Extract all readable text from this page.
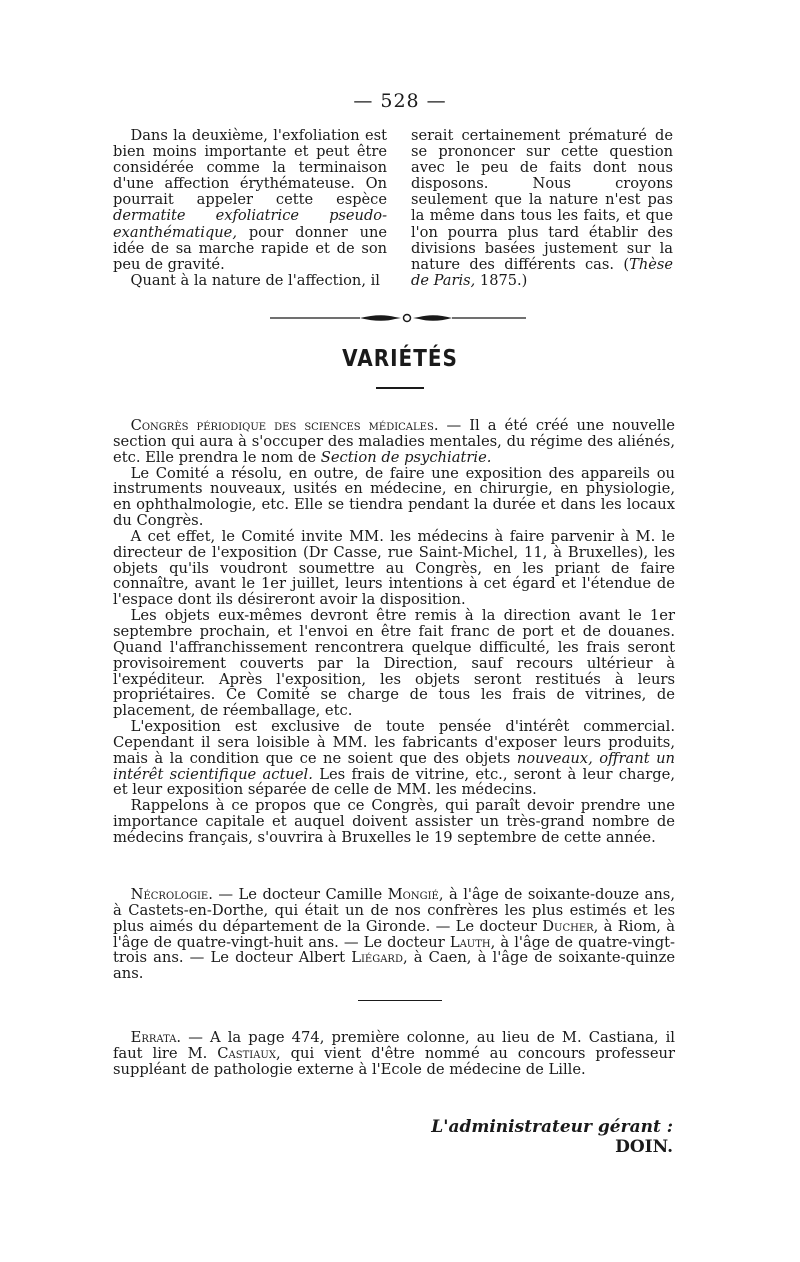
— 528 —

Dans la deuxième, l'exfoliation est bien moins importante et peut être considérée comme la terminaison d'une affection érythémateuse. On pourrait appeler cette espèce dermatite exfoliatrice pseudo-exanthématique, pour donner une idée de sa marche rapide et de son peu de gravité.

Quant à la nature de l'affection, il

serait certainement prématuré de se prononcer sur cette question avec le peu de faits dont nous disposons. Nous croyons seulement que la nature n'est pas la même dans tous les faits, et que l'on pourra plus tard établir des divisions basées justement sur la nature des différents cas. (Thèse de Paris, 1875.)

VARIÉTÉS

Congrès périodique des sciences médicales. — Il a été créé une nouvelle section qui aura à s'occuper des maladies mentales, du régime des aliénés, etc. Elle prendra le nom de Section de psychiatrie.

Le Comité a résolu, en outre, de faire une exposition des appareils ou instruments nouveaux, usités en médecine, en chirurgie, en physiologie, en ophthalmologie, etc. Elle se tiendra pendant la durée et dans les locaux du Congrès.

A cet effet, le Comité invite MM. les médecins à faire parvenir à M. le directeur de l'exposition (Dr Casse, rue Saint-Michel, 11, à Bruxelles), les objets qu'ils voudront soumettre au Congrès, en les priant de faire connaître, avant le 1er juillet, leurs intentions à cet égard et l'étendue de l'espace dont ils désireront avoir la disposition.

Les objets eux-mêmes devront être remis à la direction avant le 1er septembre prochain, et l'envoi en être fait franc de port et de douanes. Quand l'affranchissement rencontrera quelque difficulté, les frais seront provisoirement couverts par la Direction, sauf recours ultérieur à l'expéditeur. Après l'exposition, les objets seront restitués à leurs propriétaires. Ce Comité se charge de tous les frais de vitrines, de placement, de réemballage, etc.

L'exposition est exclusive de toute pensée d'intérêt commercial. Cependant il sera loisible à MM. les fabricants d'exposer leurs produits, mais à la condition que ce ne soient que des objets nouveaux, offrant un intérêt scientifique actuel. Les frais de vitrine, etc., seront à leur charge, et leur exposition séparée de celle de MM. les médecins.

Rappelons à ce propos que ce Congrès, qui paraît devoir prendre une importance capitale et auquel doivent assister un très-grand nombre de médecins français, s'ouvrira à Bruxelles le 19 septembre de cette année.

Nécrologie. — Le docteur Camille Mongié, à l'âge de soixante-douze ans, à Castets-en-Dorthe, qui était un de nos confrères les plus estimés et les plus aimés du département de la Gironde. — Le docteur Ducher, à Riom, à l'âge de quatre-vingt-huit ans. — Le docteur Lauth, à l'âge de quatre-vingt-trois ans. — Le docteur Albert Liégard, à Caen, à l'âge de soixante-quinze ans.

Errata. — A la page 474, première colonne, au lieu de M. Castiana, il faut lire M. Castiaux, qui vient d'être nommé au concours professeur suppléant de pathologie externe à l'Ecole de médecine de Lille.

L'administrateur gérant : DOIN.
